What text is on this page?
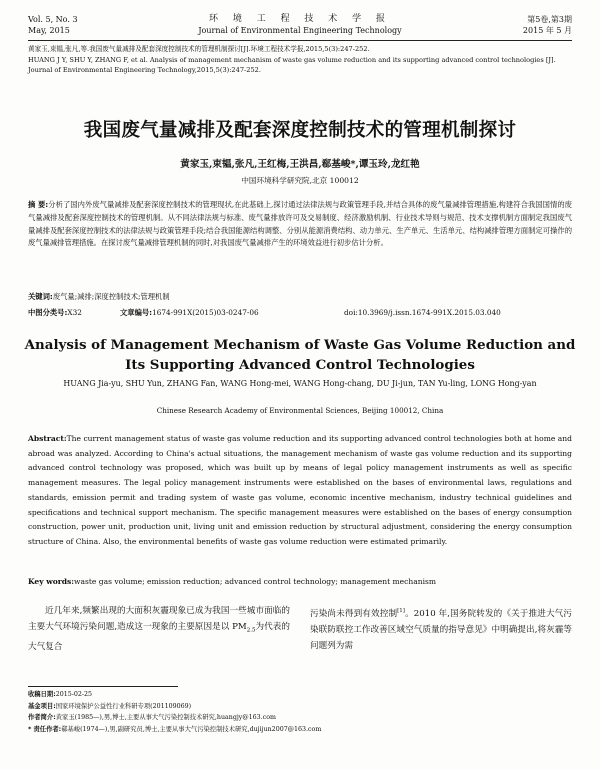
Vol. 5, No. 3
May, 2015
环 境 工 程 技 术 学 报
Journal of Environmental Engineering Technology
第5卷,第3期
2015 年 5 月
黄家玉,束韫,张凡,等.我国废气量减排及配套深度控制技术的管理机制探讨[J].环境工程技术学报,2015,5(3):247-252.
HUANG J Y, SHU Y, ZHANG F, et al. Analysis of management mechanism of waste gas volume reduction and its supporting advanced control technologies [J]. Journal of Environmental Engineering Technology,2015,5(3):247-252.
我国废气量减排及配套深度控制技术的管理机制探讨
黄家玉,束韫,张凡,王红梅,王洪昌,郗基峻*,谭玉玲,龙红艳
中国环境科学研究院,北京 100012
摘 要:分析了国内外废气量减排及配套深度控制技术的管理现状,在此基础上,探讨通过法律法规与政策管理手段,并结合具体的废气量减排管理措施,构建符合我国国情的废气量减排及配套深度控制技术的管理机制。从不同法律法规与标准、废气量排放许可及交易制度、经济激励机制、行业技术导则与规范、技术支撑机制方面制定我国废气量减排及配套深度控制技术的法律法规与政策管理手段;结合我国能源结构调整、分别从能源消费结构、动力单元、生产单元、生活单元、结构减排管理方面制定可操作的废气量减排管理措施。在探讨废气量减排管理机制的同时,对我国废气量减排产生的环境效益进行初步估计分析。
关键词:废气量;减排;深度控制技术;管理机制
中图分类号:X32	文章编号:1674-991X(2015)03-0247-06	doi:10.3969/j.issn.1674-991X.2015.03.040
Analysis of Management Mechanism of Waste Gas Volume Reduction and Its Supporting Advanced Control Technologies
HUANG Jia-yu, SHU Yun, ZHANG Fan, WANG Hong-mei, WANG Hong-chang, DU Ji-jun, TAN Yu-ling, LONG Hong-yan
Chinese Research Academy of Environmental Sciences, Beijing 100012, China
Abstract:The current management status of waste gas volume reduction and its supporting advanced control technologies both at home and abroad was analyzed. According to China's actual situations, the management mechanism of waste gas volume reduction and its supporting advanced control technology was proposed, which was built up by means of legal policy management instruments as well as specific management measures. The legal policy management instruments were established on the bases of environmental laws, regulations and standards, emission permit and trading system of waste gas volume, economic incentive mechanism, industry technical guidelines and specifications and technical support mechanism. The specific management measures were established on the bases of energy consumption construction, power unit, production unit, living unit and emission reduction by structural adjustment, considering the energy consumption structure of China. Also, the environmental benefits of waste gas volume reduction were estimated primarily.
Key words:waste gas volume; emission reduction; advanced control technology; management mechanism
近几年来,频繁出现的大面积灰霾现象已成为我国一些城市面临的主要大气环境污染问题,造成这一现象的主要原因是以 $PM_{2.5}$为代表的大气复合
污染尚未得到有效控制[1]。2010 年,国务院转发的《关于推进大气污染联防联控工作改善区域空气质量的指导意见》中明确提出,将灰霾等问题列为需
收稿日期:2015-02-25
基金项目:国家环境保护公益性行业科研专项(201109069)
作者简介:黄家玉(1985—),男,博士,主要从事大气污染控制技术研究,huangjy@163.com
* 责任作者:郗基峻(1974—),男,副研究员,博士,主要从事大气污染控制技术研究,dujijun2007@163.com
